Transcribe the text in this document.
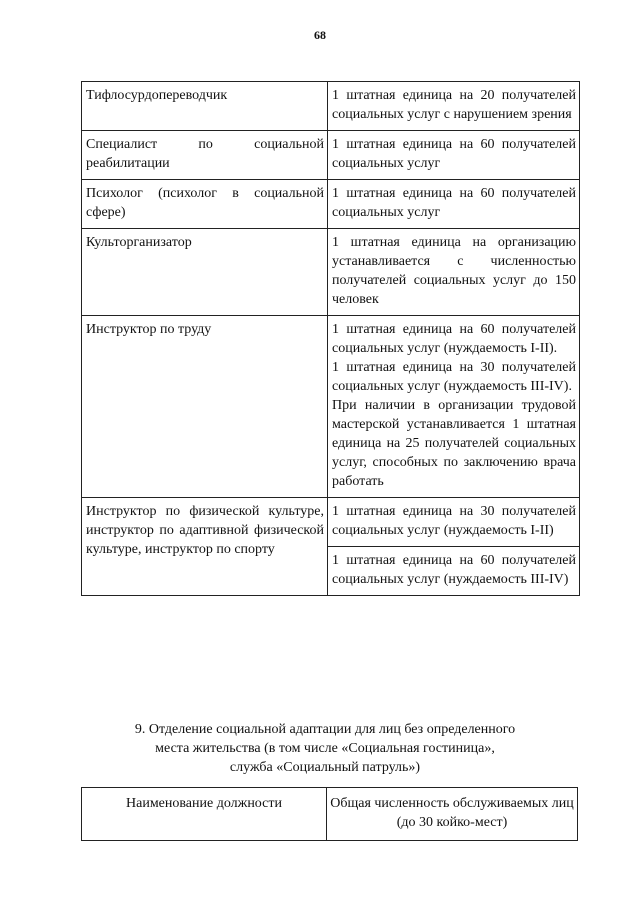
68
Тифлосурдопереводчик	1 штатная единица на 20 получателей социальных услуг с нарушением зрения

Специалист по социальной реабилитации	1 штатная единица на 60 получателей социальных услуг

Психолог (психолог в социальной сфере)	1 штатная единица на 60 получателей социальных услуг

Культорганизатор	1 штатная единица на организацию устанавливается с численностью получателей социальных услуг до 150 человек

Инструктор по труду	1 штатная единица на 60 получателей социальных услуг (нуждаемость I-II).
1 штатная единица на 30 получателей социальных услуг (нуждаемость III-IV).
При наличии в организации трудовой мастерской устанавливается 1 штатная единица на 25 получателей социальных услуг, способных по заключению врача работать

Инструктор по физической культуре, инструктор по адаптивной физической культуре, инструктор по спорту	1 штатная единица на 30 получателей социальных услуг (нуждаемость I-II)

	1 штатная единица на 60 получателей социальных услуг (нуждаемость III-IV)
9. Отделение социальной адаптации для лиц без определенного
места жительства (в том числе «Социальная гостиница»,
служба «Социальный патруль»)
Наименование должности	Общая численность обслуживаемых лиц (до 30 койко-мест)
